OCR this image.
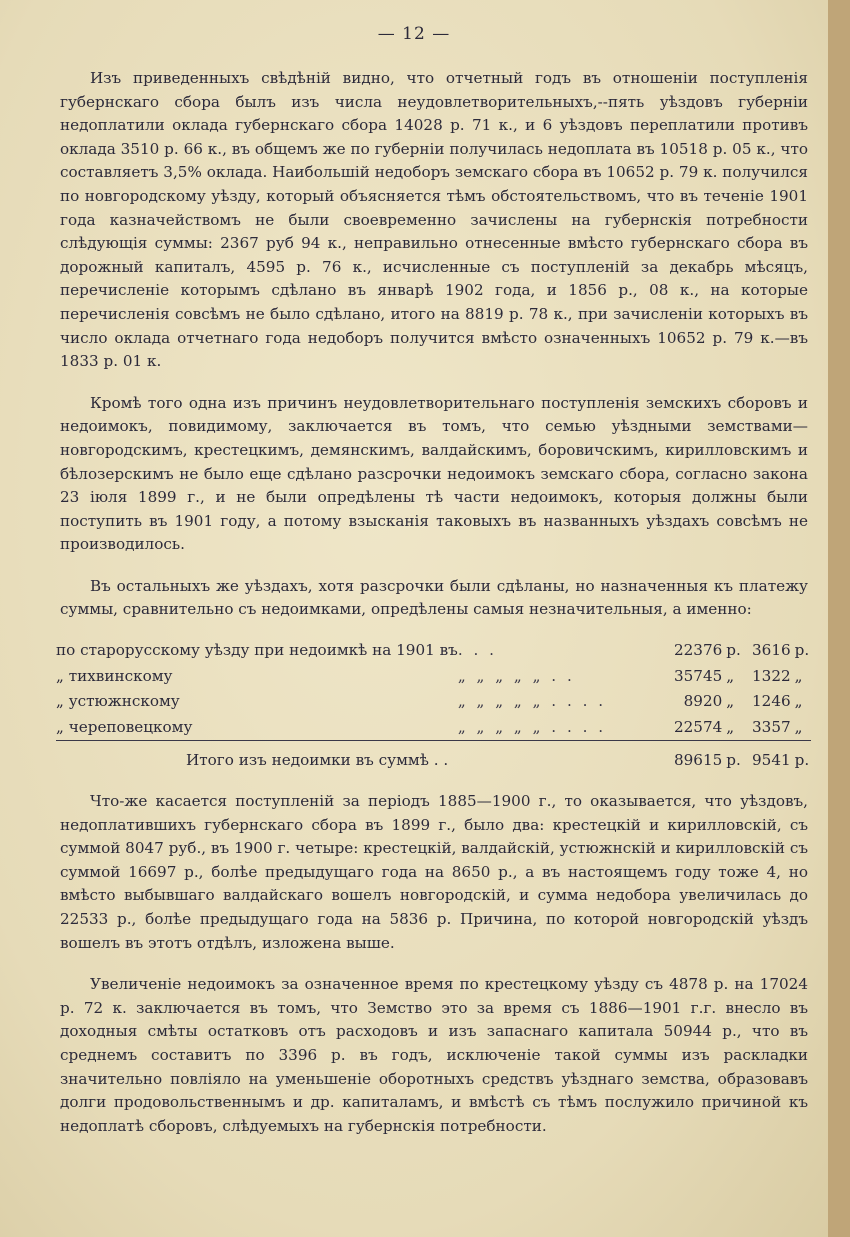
— 12 —

Изъ приведенныхъ свѣдѣній видно, что отчетный годъ въ отношеніи поступленія губернскаго сбора былъ изъ числа неудовлетворительныхъ,--пять уѣздовъ губерніи недоплатили оклада губернскаго сбора 14028 р. 71 к., и 6 уѣздовъ переплатили противъ оклада 3510 р. 66 к., въ общемъ же по губерніи получилась недоплата въ 10518 р. 05 к., что составляетъ 3,5% оклада. Наибольшій недоборъ земскаго сбора въ 10652 р. 79 к. получился по новгородскому уѣзду, который объясняется тѣмъ обстоятельствомъ, что въ теченіе 1901 года казначействомъ не были своевременно зачислены на губернскія потребности слѣдующія суммы: 2367 руб 94 к., неправильно отнесенные вмѣсто губернскаго сбора въ дорожный капиталъ, 4595 р. 76 к., исчисленные съ поступленій за декабрь мѣсяцъ, перечисленіе которымъ сдѣлано въ январѣ 1902 года, и 1856 р., 08 к., на которые перечисленія совсѣмъ не было сдѣлано, итого на 8819 р. 78 к., при зачисленіи которыхъ въ число оклада отчетнаго года недоборъ получится вмѣсто означенныхъ 10652 р. 79 к.—въ 1833 р. 01 к.

Кромѣ того одна изъ причинъ неудовлетворительнаго поступленія земскихъ сборовъ и недоимокъ, повидимому, заключается въ томъ, что семью уѣздными земствами—новгородскимъ, крестецкимъ, демянскимъ, валдайскимъ, боровичскимъ, кирилловскимъ и бѣлозерскимъ не было еще сдѣлано разсрочки недоимокъ земскаго сбора, согласно закона 23 іюля 1899 г., и не были опредѣлены тѣ части недоимокъ, которыя должны были поступить въ 1901 году, а потому взысканія таковыхъ въ названныхъ уѣздахъ совсѣмъ не производилось.

Въ остальныхъ же уѣздахъ, хотя разсрочки были сдѣланы, но назначенныя къ платежу суммы, сравнительно съ недоимками, опредѣлены самыя незначительныя, а именно:

по старорусскому уѣзду при недоимкѣ на 1901 въ	. . .	22376	р.	3616	р.
„ тихвинскому	„ „ „ „ „ . .	35745	„	1322	„
„ устюжнскому	„ „ „ „ „ . . . .	8920	„	1246	„
„ череповецкому	„ „ „ „ „ . . . .	22574	„	3357	„
Итого изъ недоимки въ суммѣ . .		89615	р.	9541	р.

Что-же касается поступленій за періодъ 1885—1900 г., то оказывается, что уѣздовъ, недоплатившихъ губернскаго сбора въ 1899 г., было два: крестецкій и кирилловскій, съ суммой 8047 руб., въ 1900 г. четыре: крестецкій, валдайскій, устюжнскій и кирилловскій съ суммой 16697 р., болѣе предыдущаго года на 8650 р., а въ настоящемъ году тоже 4, но вмѣсто выбывшаго валдайскаго вошелъ новгородскій, и сумма недобора увеличилась до 22533 р., болѣе предыдущаго года на 5836 р. Причина, по которой новгородскій уѣздъ вошелъ въ этотъ отдѣлъ, изложена выше.

Увеличеніе недоимокъ за означенное время по крестецкому уѣзду съ 4878 р. на 17024 р. 72 к. заключается въ томъ, что Земство это за время съ 1886—1901 г.г. внесло въ доходныя смѣты остатковъ отъ расходовъ и изъ запаснаго капитала 50944 р., что въ среднемъ составитъ по 3396 р. въ годъ, исключеніе такой суммы изъ раскладки значительно повліяло на уменьшеніе оборотныхъ средствъ уѣзднаго земства, образовавъ долги продовольственнымъ и др. капиталамъ, и вмѣстѣ съ тѣмъ послужило причиной къ недоплатѣ сборовъ, слѣдуемыхъ на губернскія потребности.
